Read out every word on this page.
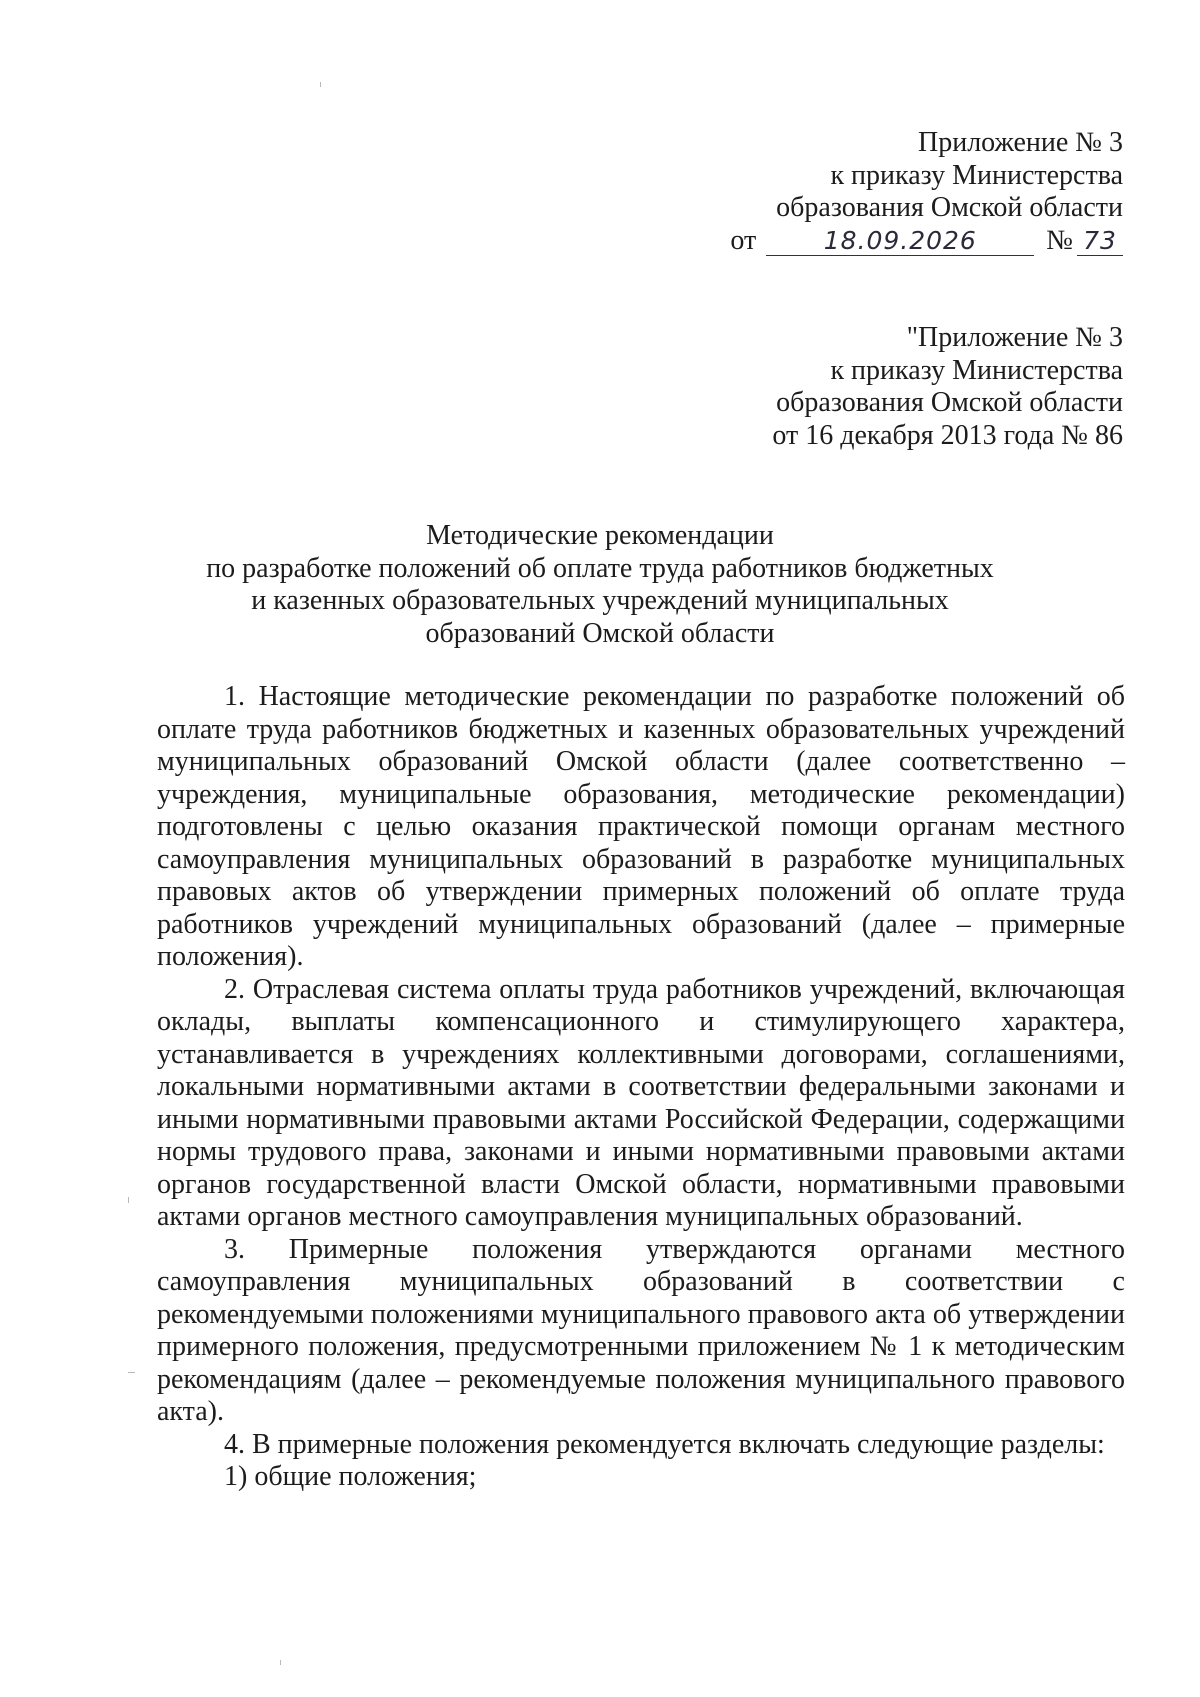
Приложение № 3
к приказу Министерства
образования Омской области
от	18.09.2026	№ 73
"Приложение № 3
к приказу Министерства
образования Омской области
от 16 декабря 2013 года № 86
Методические рекомендации
по разработке положений об оплате труда работников бюджетных
и казенных образовательных учреждений муниципальных
образований Омской области

1. Настоящие методические рекомендации по разработке положений об оплате труда работников бюджетных и казенных образовательных учреждений муниципальных образований Омской области (далее соответственно – учреждения, муниципальные образования, методические рекомендации) подготовлены с целью оказания практической помощи органам местного самоуправления муниципальных образований в разработке муниципальных правовых актов об утверждении примерных положений об оплате труда работников учреждений муниципальных образований (далее – примерные положения).

2. Отраслевая система оплаты труда работников учреждений, включающая оклады, выплаты компенсационного и стимулирующего характера, устанавливается в учреждениях коллективными договорами, соглашениями, локальными нормативными актами в соответствии федеральными законами и иными нормативными правовыми актами Российской Федерации, содержащими нормы трудового права, законами и иными нормативными правовыми актами органов государственной власти Омской области, нормативными правовыми актами органов местного самоуправления муниципальных образований.

3. Примерные положения утверждаются органами местного самоуправления муниципальных образований в соответствии с рекомендуемыми положениями муниципального правового акта об утверждении примерного положения, предусмотренными приложением № 1 к методическим рекомендациям (далее – рекомендуемые положения муниципального правового акта).

4. В примерные положения рекомендуется включать следующие разделы:

1) общие положения;
